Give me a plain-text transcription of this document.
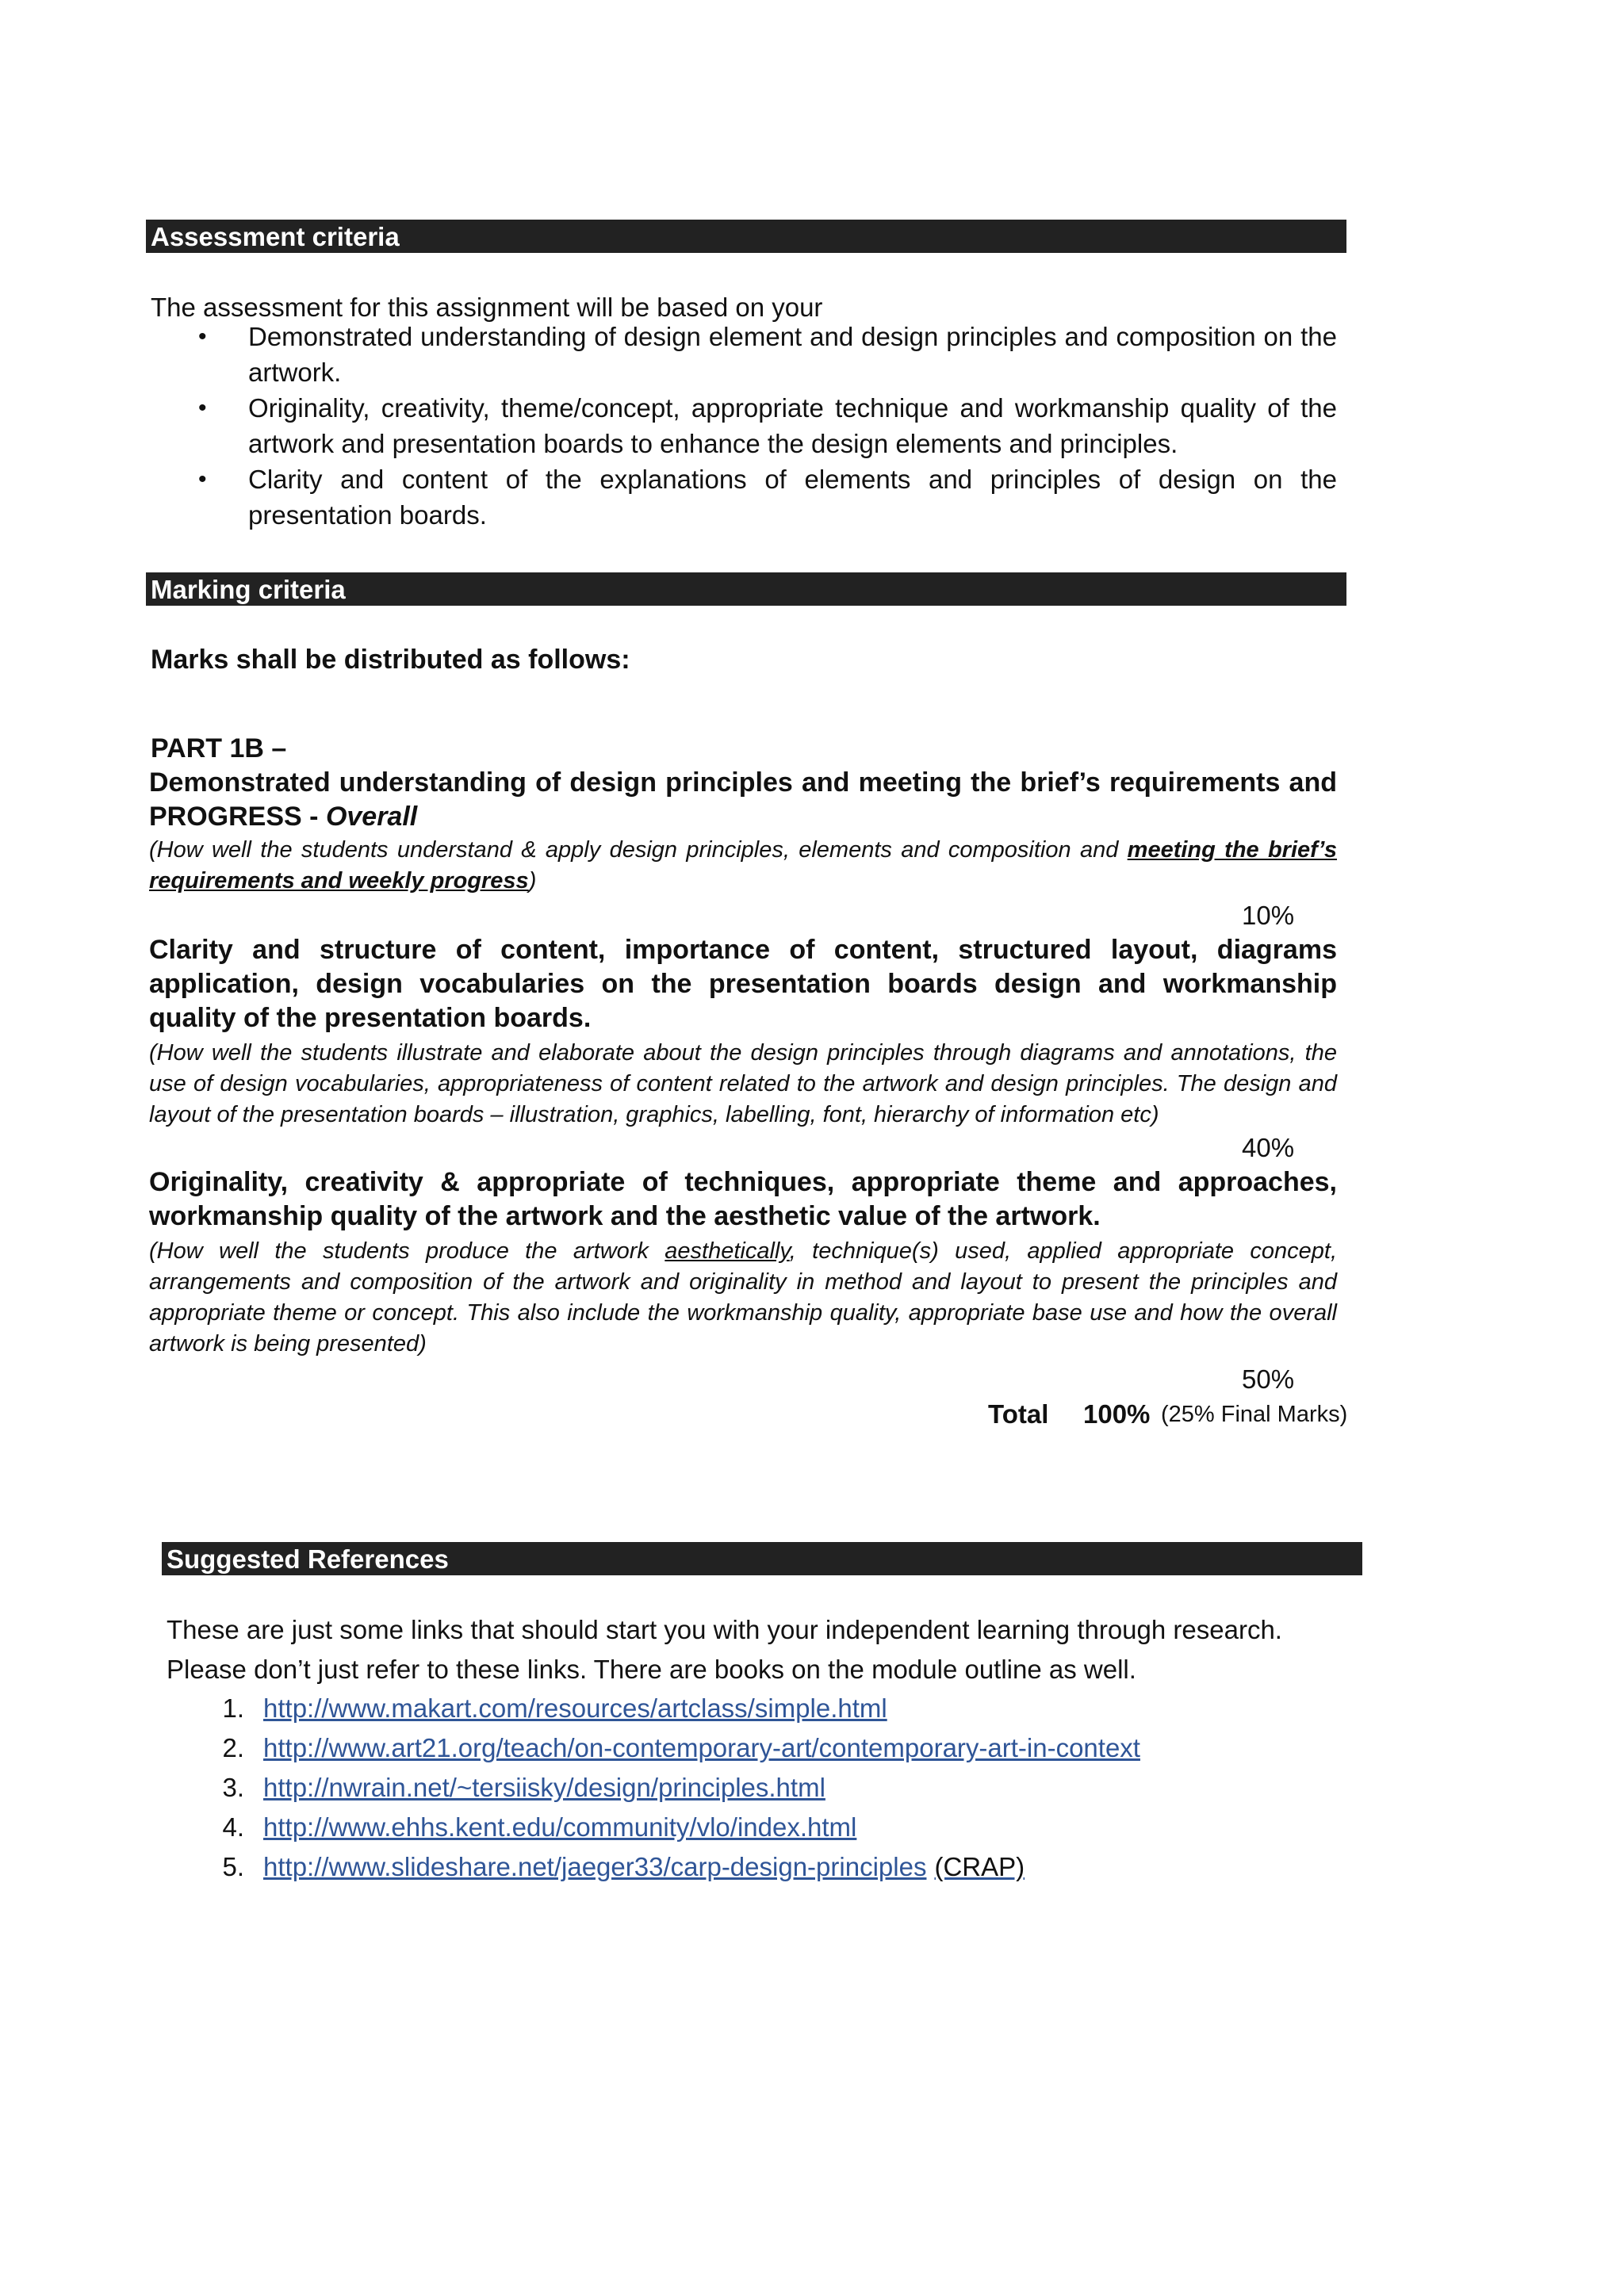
Assessment criteria
The assessment for this assignment will be based on your
• Demonstrated understanding of design element and design principles and composition on the artwork.
• Originality, creativity, theme/concept, appropriate technique and workmanship quality of the artwork and presentation boards to enhance the design elements and principles.
• Clarity and content of the explanations of elements and principles of design on the presentation boards.
Marking criteria
Marks shall be distributed as follows:
PART 1B –
Demonstrated understanding of design principles and meeting the brief’s requirements and PROGRESS - Overall
(How well the students understand & apply design principles, elements and composition and meeting the brief’s requirements and weekly progress)
10%
Clarity and structure of content, importance of content, structured layout, diagrams application, design vocabularies on the presentation boards design and workmanship quality of the presentation boards.
(How well the students illustrate and elaborate about the design principles through diagrams and annotations, the use of design vocabularies, appropriateness of content related to the artwork and design principles. The design and layout of the presentation boards – illustration, graphics, labelling, font, hierarchy of information etc)
40%
Originality, creativity & appropriate of techniques, appropriate theme and approaches, workmanship quality of the artwork and the aesthetic value of the artwork.
(How well the students produce the artwork aesthetically, technique(s) used, applied appropriate concept, arrangements and composition of the artwork and originality in method and layout to present the principles and appropriate theme or concept. This also include the workmanship quality, appropriate base use and how the overall artwork is being presented)
50%
Total 100% (25% Final Marks)
Suggested References
These are just some links that should start you with your independent learning through research. Please don’t just refer to these links. There are books on the module outline as well.
1. http://www.makart.com/resources/artclass/simple.html
2. http://www.art21.org/teach/on-contemporary-art/contemporary-art-in-context
3. http://nwrain.net/~tersiisky/design/principles.html
4. http://www.ehhs.kent.edu/community/vlo/index.html
5. http://www.slideshare.net/jaeger33/carp-design-principles (CRAP)
